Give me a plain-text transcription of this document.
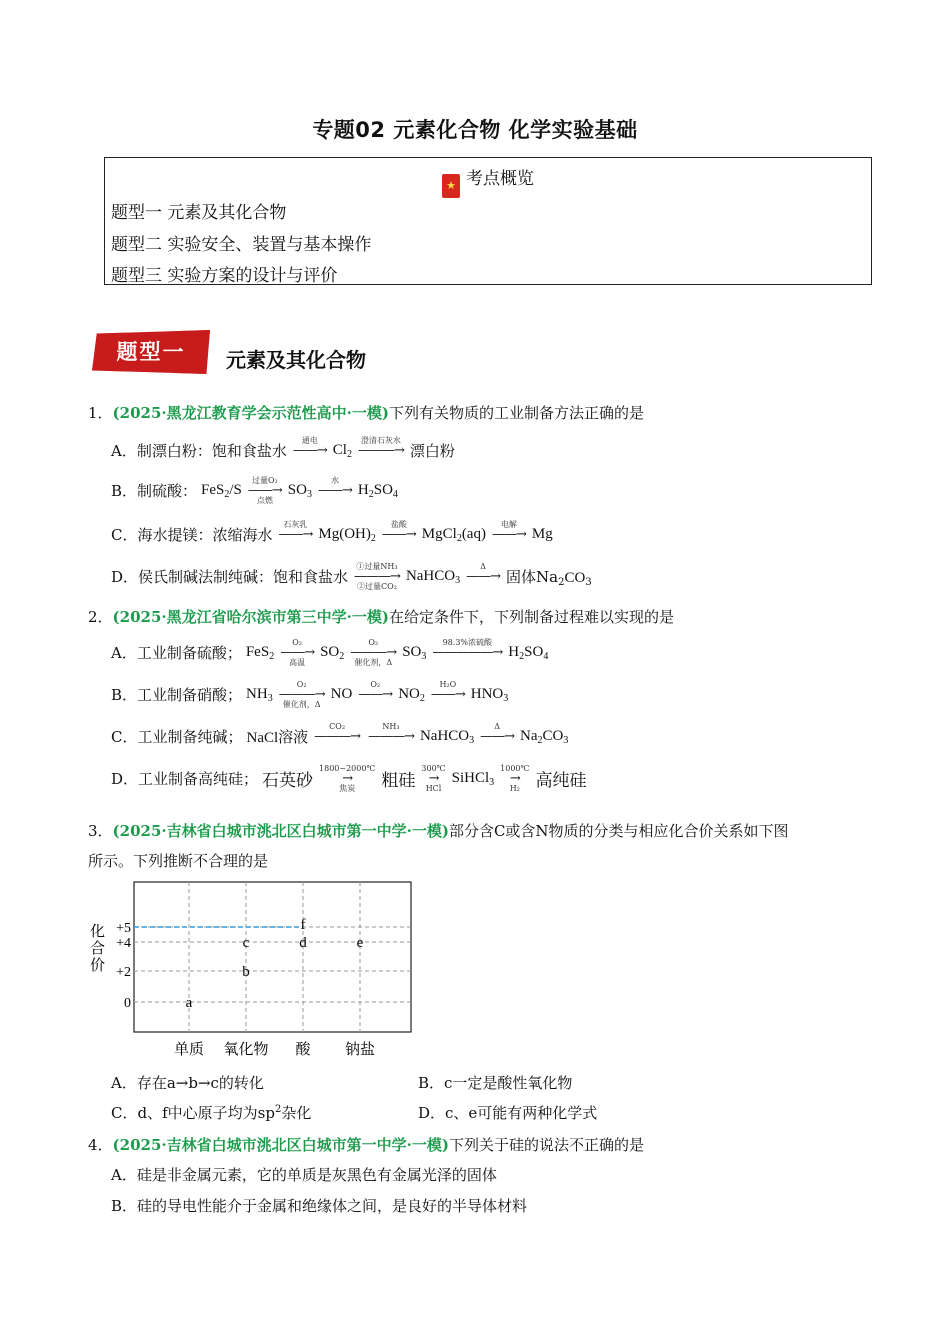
专题02 元素化合物 化学实验基础
★ 考点概览
题型一 元素及其化合物
题型二 实验安全、装置与基本操作
题型三 实验方案的设计与评价
题型一	元素及其化合物
1．(2025·黑龙江教育学会示范性高中·一模)下列有关物质的工业制备方法正确的是
A．制漂白粉：饱和食盐水
通电
——→
$Cl_2$
澄清石灰水
———→
漂白粉
B．制硫酸： FeS$_2$/S
过量O₂
——→
点燃
$SO_3$
水
——→
$H_2SO_4$
C．海水提镁：浓缩海水
石灰乳
——→
$Mg(OH)_2$
盐酸
——→
MgCl$_2$(aq)
电解
——→
Mg
D．侯氏制碱法制纯碱：饱和食盐水
①过量NH₃
———→
②过量CO₂
NaHCO$_3$
Δ
——→
固体$Na_2CO_3$
2．(2025·黑龙江省哈尔滨市第三中学·一模)在给定条件下，下列制备过程难以实现的是
A．工业制备硫酸； FeS$_2$
O₂
——→
高温
$SO_2$
O₂
———→
催化剂，Δ
$SO_3$
98.3%浓硫酸
—————→
$H_2SO_4$
B．工业制备硝酸； $NH_3$
O₂
———→
催化剂，Δ
NO
O₂
——→
$NO_2$
H₂O
——→
$HNO_3$
C．工业制备纯碱； NaCl溶液
CO₂
———→

NH₃
———→
NaHCO$_3$
Δ
——→
$Na_2CO_3$
D．工业制备高纯硅； 石英砂
1800~2000℃
→
焦炭 粗硅
300℃
→
HCl
SiHCl$_3$
1000℃
→
H₂ 高纯硅
3．(2025·吉林省白城市洮北区白城市第一中学·一模)部分含C或含N物质的分类与相应化合价关系如下图
所示。下列推断不合理的是
单质 氧化物 酸 钠盐
+5
+4
+2
0	a
b
c	d
f
e
化合价
A．存在a→b→c的转化	B．c一定是酸性氧化物
C．d、f中心原子均为$sp^2$杂化	D．c、e可能有两种化学式
4．(2025·吉林省白城市洮北区白城市第一中学·一模)下列关于硅的说法不正确的是
A．硅是非金属元素，它的单质是灰黑色有金属光泽的固体
B．硅的导电性能介于金属和绝缘体之间，是良好的半导体材料
